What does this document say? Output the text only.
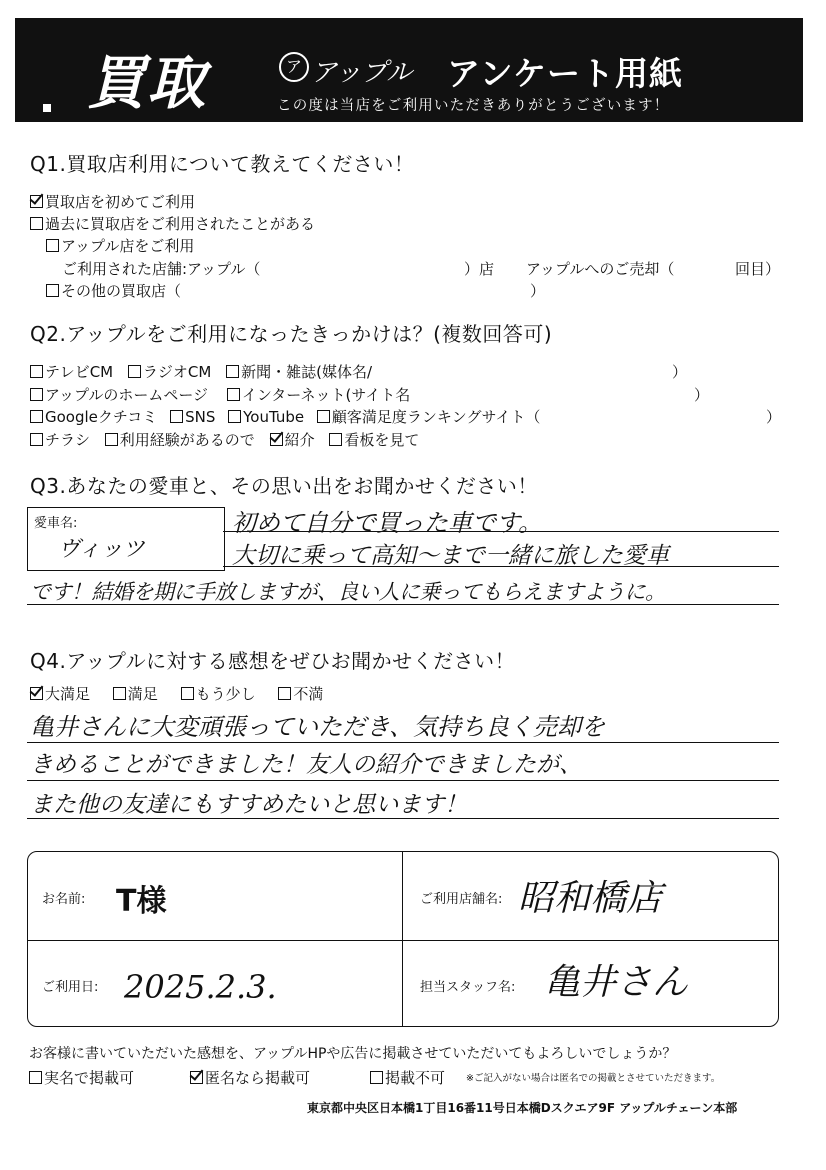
買取	ア アップル アンケート用紙
この度は当店をご利用いただきありがとうございます！
Q1.買取店利用について教えてください！
買取店を初めてご利用
過去に買取店をご利用されたことがある
アップル店をご利用
ご利用された店舗:アップル（	）店 アップルへのご売却（	回目）
その他の買取店（	）
Q2.アップルをご利用になったきっかけは？(複数回答可)
テレビCM ラジオCM 新聞・雑誌(媒体名/	）
アップルのホームページ インターネット(サイト名	）
Googleクチコミ SNS YouTube 顧客満足度ランキングサイト（	）
チラシ 利用経験があるので 紹介 看板を見て
Q3.あなたの愛車と、その思い出をお聞かせください！
愛車名:
ヴィッツ
初めて自分で買った車です。
大切に乗って高知～まで一緒に旅した愛車
です！結婚を期に手放しますが、良い人に乗ってもらえますように。
Q4.アップルに対する感想をぜひお聞かせください！
大満足	満足	もう少し	不満
亀井さんに大変頑張っていただき、気持ち良く売却を
きめることができました！友人の紹介できましたが、
また他の友達にもすすめたいと思います！
お名前: T様	ご利用店舗名: 昭和橋店
ご利用日: 2025.2.3.	担当スタッフ名: 亀井さん
お客様に書いていただいた感想を、アップルHPや広告に掲載させていただいてもよろしいでしょうか？
実名で掲載可	匿名なら掲載可	掲載不可 ※ご記入がない場合は匿名での掲載とさせていただきます。
東京都中央区日本橋1丁目16番11号日本橋Dスクエア9F アップルチェーン本部
